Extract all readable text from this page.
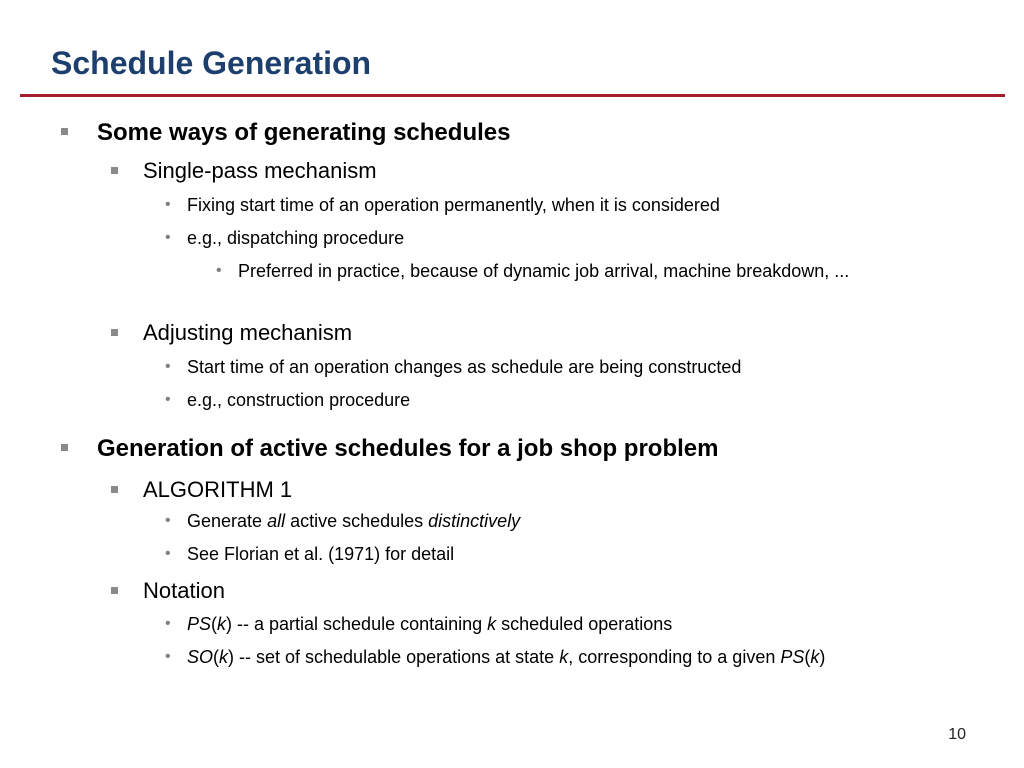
Schedule Generation
Some ways of generating schedules
Single-pass mechanism
• Fixing start time of an operation permanently, when it is considered
• e.g., dispatching procedure
• Preferred in practice, because of dynamic job arrival, machine breakdown, ...
Adjusting mechanism
• Start time of an operation changes as schedule are being constructed
• e.g., construction procedure
Generation of active schedules for a job shop problem
ALGORITHM 1
• Generate all active schedules distinctively
• See Florian et al. (1971) for detail
Notation
• PS(k) -- a partial schedule containing k scheduled operations
• SO(k) -- set of schedulable operations at state k, corresponding to a given PS(k)
10
